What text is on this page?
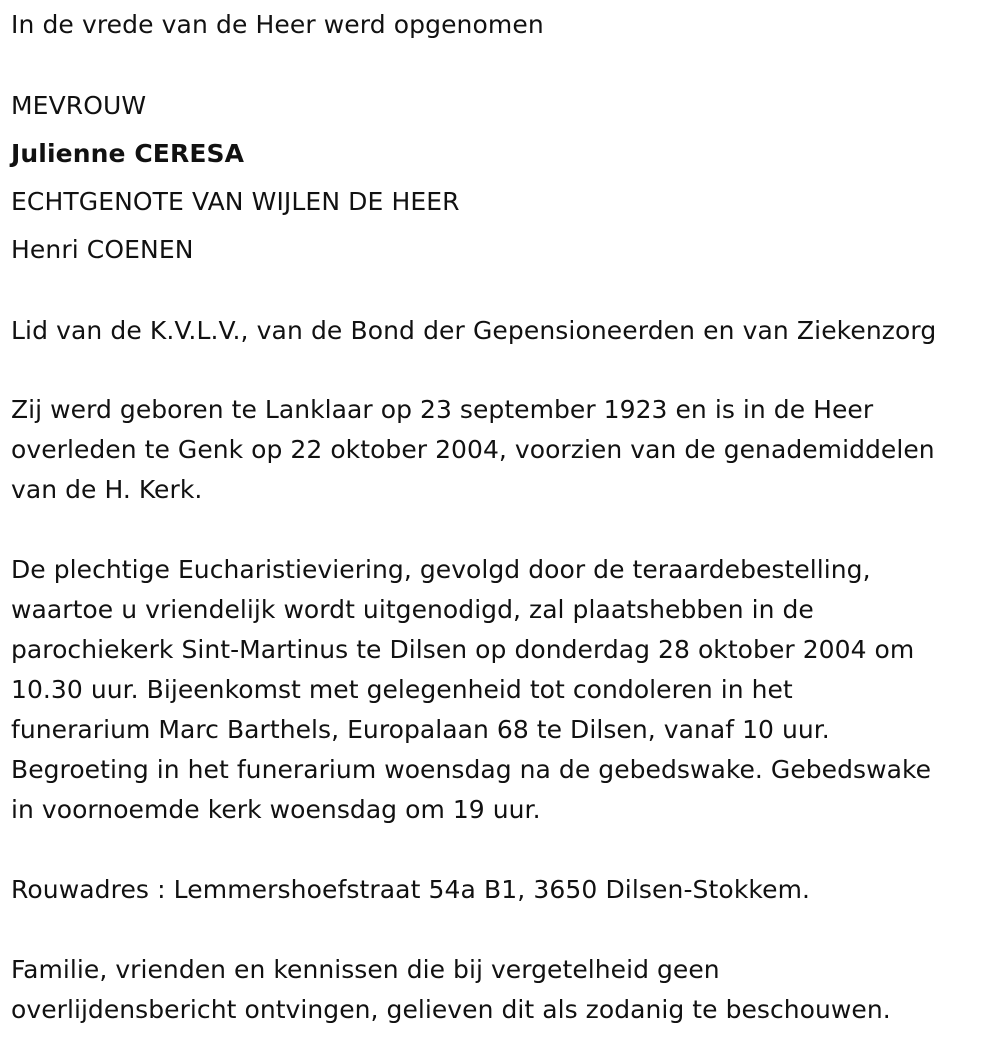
In de vrede van de Heer werd opgenomen
MEVROUW
Julienne CERESA
ECHTGENOTE VAN WIJLEN DE HEER
Henri COENEN
Lid van de K.V.L.V., van de Bond der Gepensioneerden en van Ziekenzorg
Zij werd geboren te Lanklaar op 23 september 1923 en is in de Heer
overleden te Genk op 22 oktober 2004, voorzien van de genademiddelen
van de H. Kerk.
De plechtige Eucharistieviering, gevolgd door de teraardebestelling,
waartoe u vriendelijk wordt uitgenodigd, zal plaatshebben in de
parochiekerk Sint-Martinus te Dilsen op donderdag 28 oktober 2004 om
10.30 uur. Bijeenkomst met gelegenheid tot condoleren in het
funerarium Marc Barthels, Europalaan 68 te Dilsen, vanaf 10 uur.
Begroeting in het funerarium woensdag na de gebedswake. Gebedswake
in voornoemde kerk woensdag om 19 uur.
Rouwadres : Lemmershoefstraat 54a B1, 3650 Dilsen-Stokkem.
Familie, vrienden en kennissen die bij vergetelheid geen
overlijdensbericht ontvingen, gelieven dit als zodanig te beschouwen.
